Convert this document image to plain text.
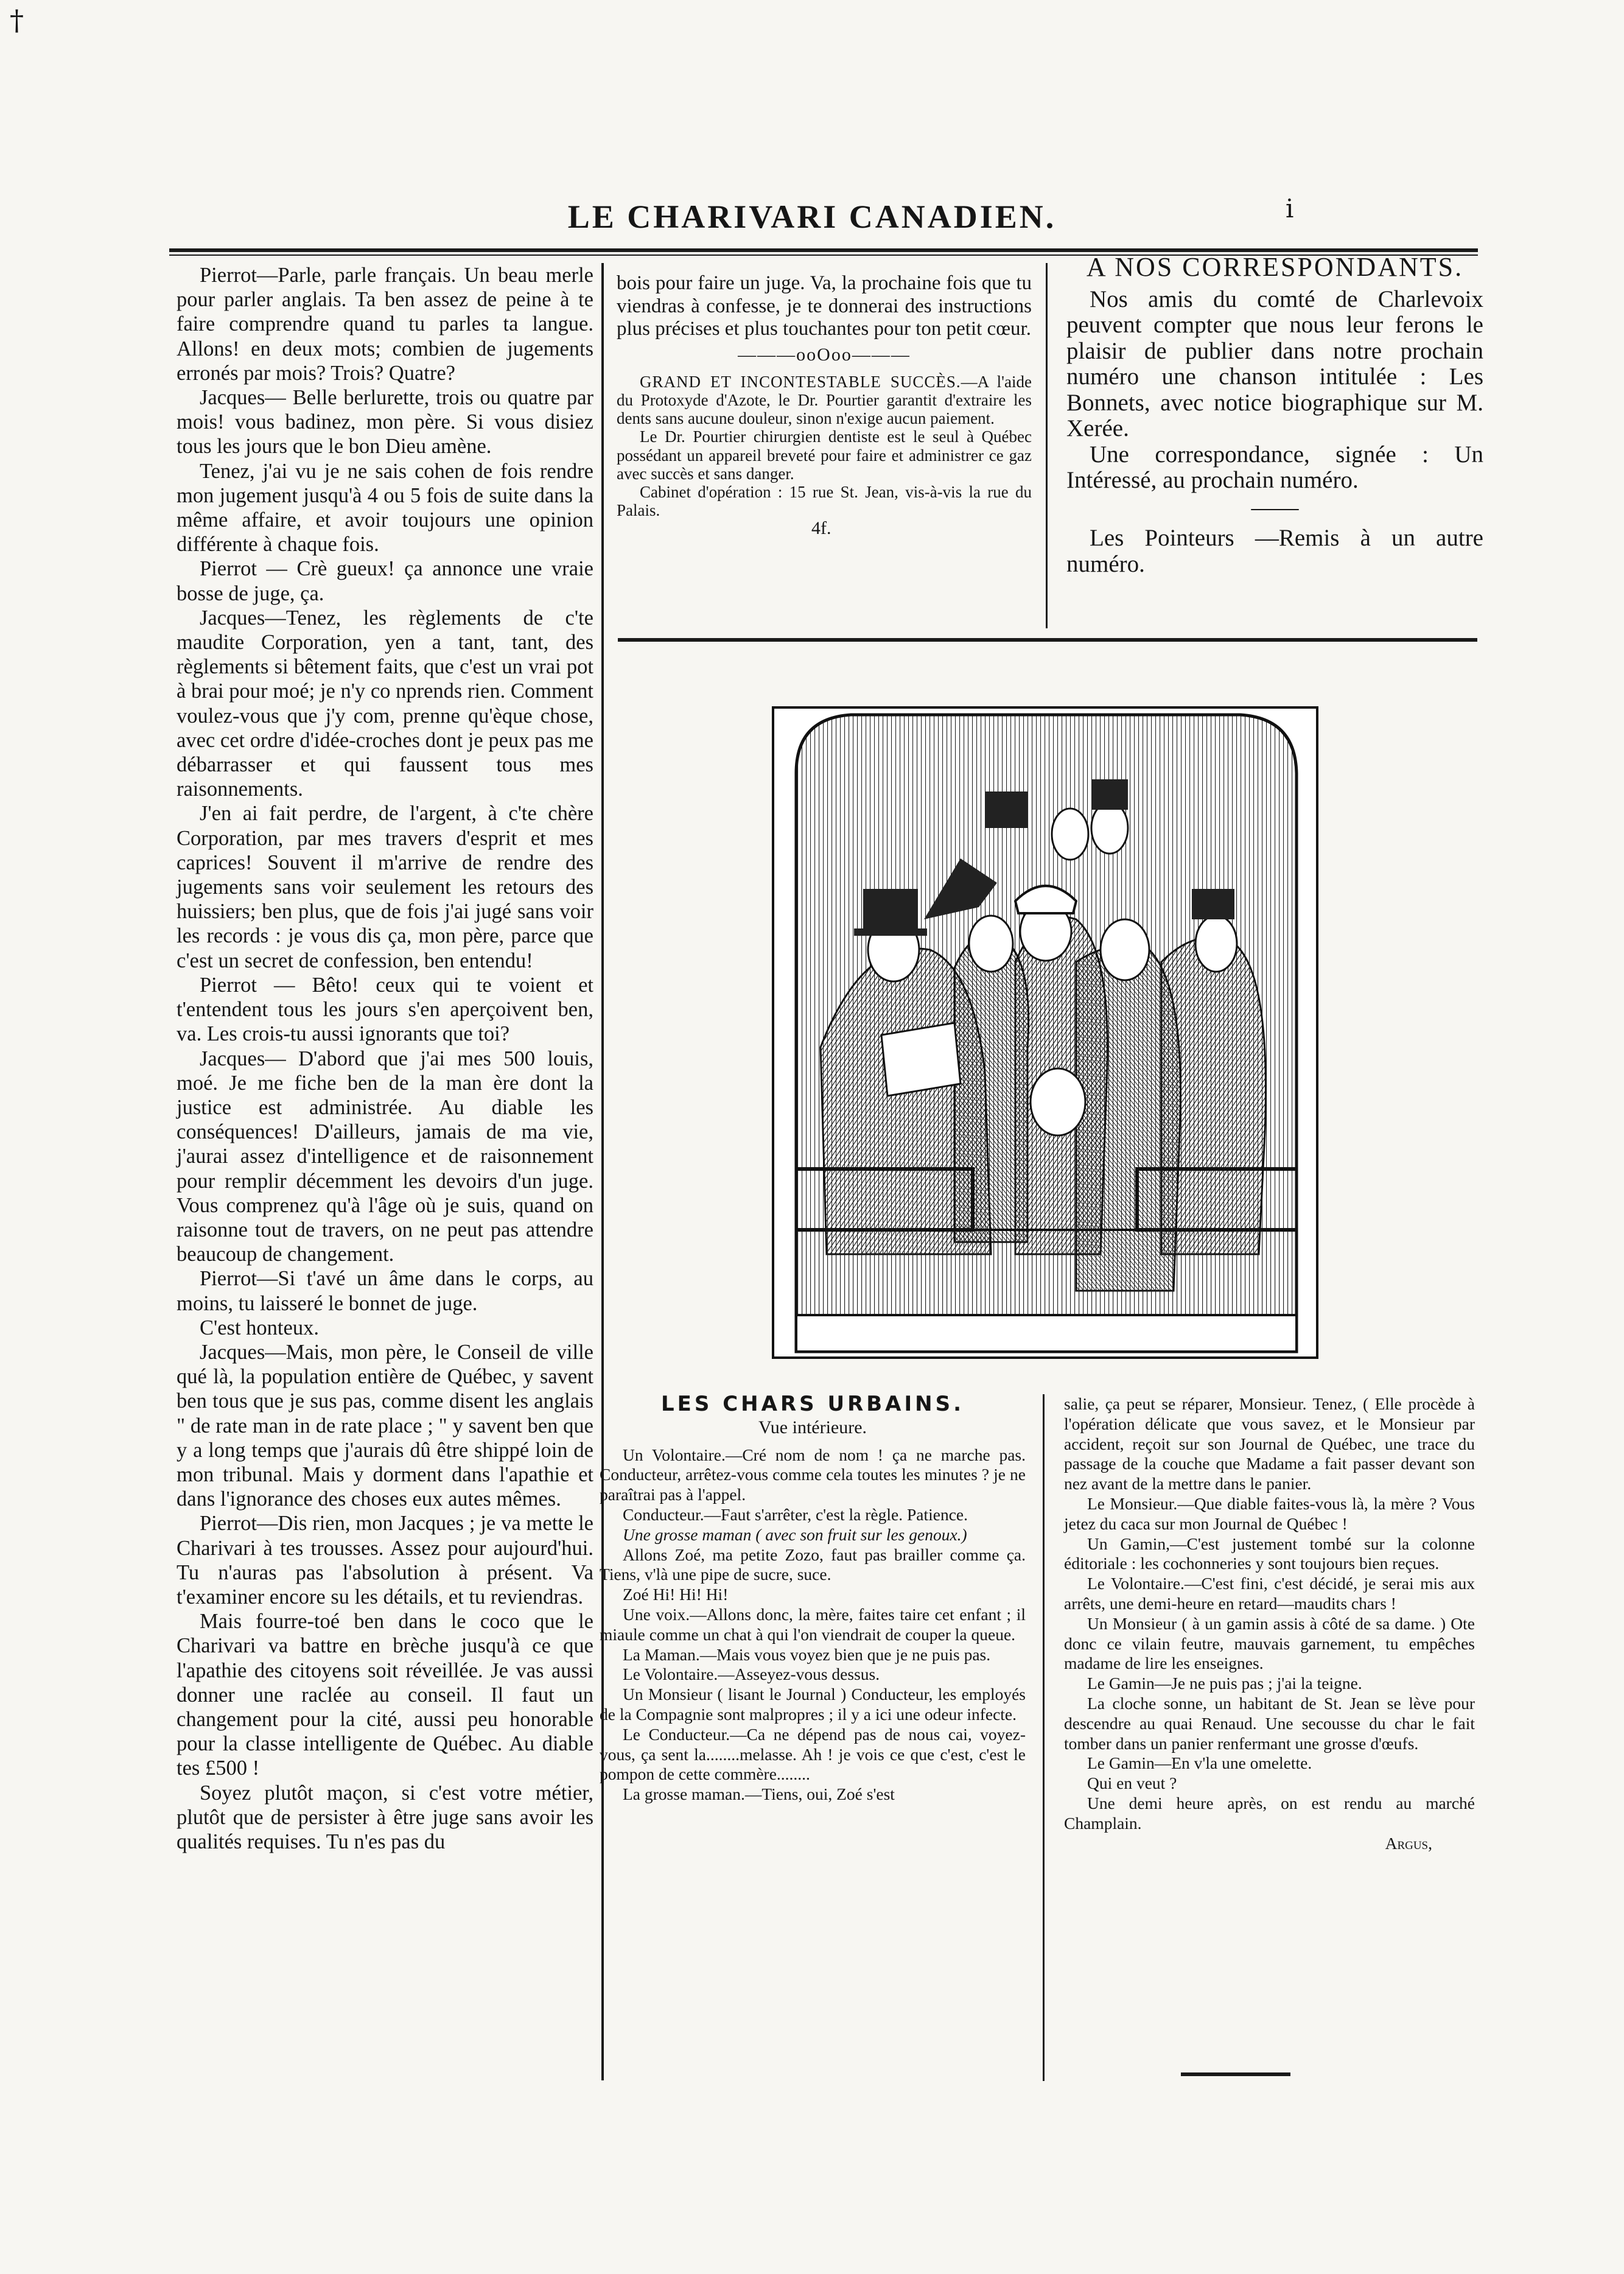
†
LE CHARIVARI CANADIEN.	i

Pierrot—Parle, parle français. Un beau merle pour parler anglais. Ta ben assez de peine à te faire comprendre quand tu parles ta langue. Allons! en deux mots; combien de jugements erronés par mois? Trois? Quatre?

Jacques— Belle berlurette, trois ou quatre par mois! vous badinez, mon père. Si vous disiez tous les jours que le bon Dieu amène.

Tenez, j'ai vu je ne sais cohen de fois rendre mon jugement jusqu'à 4 ou 5 fois de suite dans la même affaire, et avoir toujours une opinion différente à chaque fois.

Pierrot — Crè gueux! ça annonce une vraie bosse de juge, ça.

Jacques—Tenez, les règlements de c'te maudite Corporation, yen a tant, tant, des règlements si bêtement faits, que c'est un vrai pot à brai pour moé; je n'y co nprends rien. Comment voulez-vous que j'y com, prenne qu'èque chose, avec cet ordre d'idée-croches dont je peux pas me débarrasser et qui faussent tous mes raisonnements.

J'en ai fait perdre, de l'argent, à c'te chère Corporation, par mes travers d'esprit et mes caprices! Souvent il m'arrive de rendre des jugements sans voir seulement les retours des huissiers; ben plus, que de fois j'ai jugé sans voir les records : je vous dis ça, mon père, parce que c'est un secret de confession, ben entendu!

Pierrot — Bêto! ceux qui te voient et t'entendent tous les jours s'en aperçoivent ben, va. Les crois-tu aussi ignorants que toi?

Jacques— D'abord que j'ai mes 500 louis, moé. Je me fiche ben de la man ère dont la justice est administrée. Au diable les conséquences! D'ailleurs, jamais de ma vie, j'aurai assez d'intelligence et de raisonnement pour remplir décemment les devoirs d'un juge. Vous comprenez qu'à l'âge où je suis, quand on raisonne tout de travers, on ne peut pas attendre beaucoup de changement.

Pierrot—Si t'avé un âme dans le corps, au moins, tu laisseré le bonnet de juge.

C'est honteux.

Jacques—Mais, mon père, le Conseil de ville qué là, la population entière de Québec, y savent ben tous que je sus pas, comme disent les anglais " de rate man in de rate place ; " y savent ben que y a long temps que j'aurais dû être shippé loin de mon tribunal. Mais y dorment dans l'apathie et dans l'ignorance des choses eux autes mêmes.

Pierrot—Dis rien, mon Jacques ; je va mette le Charivari à tes trousses. Assez pour aujourd'hui. Tu n'auras pas l'absolution à présent. Va t'examiner encore su les détails, et tu reviendras.

Mais fourre-toé ben dans le coco que le Charivari va battre en brèche jusqu'à ce que l'apathie des citoyens soit réveillée. Je vas aussi donner une raclée au conseil. Il faut un changement pour la cité, aussi peu honorable pour la classe intelligente de Québec. Au diable tes £500 !

Soyez plutôt maçon, si c'est votre métier, plutôt que de persister à être juge sans avoir les qualités requises. Tu n'es pas du

bois pour faire un juge. Va, la prochaine fois que tu viendras à confesse, je te donnerai des instructions plus précises et plus touchantes pour ton petit cœur.

———ooOoo———

GRAND ET INCONTESTABLE SUCCÈS.—A l'aide du Protoxyde d'Azote, le Dr. Pourtier garantit d'extraire les dents sans aucune douleur, sinon n'exige aucun paiement.

Le Dr. Pourtier chirurgien dentiste est le seul à Québec possédant un appareil breveté pour faire et administrer ce gaz avec succès et sans danger.

Cabinet d'opération : 15 rue St. Jean, vis-à-vis la rue du Palais.

4f.

A NOS CORRESPONDANTS.

Nos amis du comté de Charlevoix peuvent compter que nous leur ferons le plaisir de publier dans notre prochain numéro une chanson intitulée : Les Bonnets, avec notice biographique sur M. Xerée.

Une correspondance, signée : Un Intéressé, au prochain numéro.

——

Les Pointeurs —Remis à un autre numéro.

LES CHARS URBAINS.

Vue intérieure.

Un Volontaire.—Cré nom de nom ! ça ne marche pas. Conducteur, arrêtez-vous comme cela toutes les minutes ? je ne paraîtrai pas à l'appel.

Conducteur.—Faut s'arrêter, c'est la règle. Patience.

Une grosse maman ( avec son fruit sur les genoux.)

Allons Zoé, ma petite Zozo, faut pas brailler comme ça. Tiens, v'là une pipe de sucre, suce.

Zoé Hi! Hi! Hi!

Une voix.—Allons donc, la mère, faites taire cet enfant ; il miaule comme un chat à qui l'on viendrait de couper la queue.

La Maman.—Mais vous voyez bien que je ne puis pas.

Le Volontaire.—Asseyez-vous dessus.

Un Monsieur ( lisant le Journal ) Conducteur, les employés de la Compagnie sont malpropres ; il y a ici une odeur infecte.

Le Conducteur.—Ca ne dépend pas de nous cai, voyez-vous, ça sent la........melasse. Ah ! je vois ce que c'est, c'est le pompon de cette commère........

La grosse maman.—Tiens, oui, Zoé s'est

salie, ça peut se réparer, Monsieur. Tenez, ( Elle procède à l'opération délicate que vous savez, et le Monsieur par accident, reçoit sur son Journal de Québec, une trace du passage de la couche que Madame a fait passer devant son nez avant de la mettre dans le panier.

Le Monsieur.—Que diable faites-vous là, la mère ? Vous jetez du caca sur mon Journal de Québec !

Un Gamin,—C'est justement tombé sur la colonne éditoriale : les cochonneries y sont toujours bien reçues.

Le Volontaire.—C'est fini, c'est décidé, je serai mis aux arrêts, une demi-heure en retard—maudits chars !

Un Monsieur ( à un gamin assis à côté de sa dame. ) Ote donc ce vilain feutre, mauvais garnement, tu empêches madame de lire les enseignes.

Le Gamin—Je ne puis pas ; j'ai la teigne.

La cloche sonne, un habitant de St. Jean se lève pour descendre au quai Renaud. Une secousse du char le fait tomber dans un panier renfermant une grosse d'œufs.

Le Gamin—En v'la une omelette.

Qui en veut ?

Une demi heure après, on est rendu au marché Champlain.

Argus,
